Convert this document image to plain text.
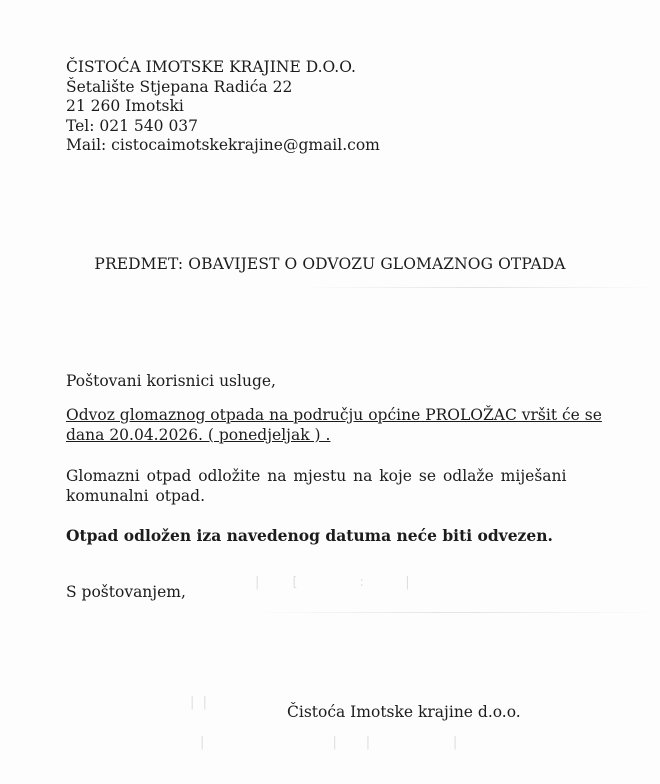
ČISTOĆA IMOTSKE KRAJINE D.O.O.
Šetalište Stjepana Radića 22
21 260 Imotski
Tel: 021 540 037
Mail: cistocaimotskekrajine@gmail.com
PREDMET: OBAVIJEST O ODVOZU GLOMAZNOG OTPADA
Poštovani korisnici usluge,
Odvoz glomaznog otpada na području općine PROLOŽAC vršit će se dana 20.04.2026. ( ponedjeljak ) .
Glomazni otpad odložite na mjestu na koje se odlaže miješani komunalni otpad.
Otpad odložen iza navedenog datuma neće biti odvezen.
S poštovanjem,
|        [               :          |
|  |
|                               |       |                    |
Čistoća Imotske krajine d.o.o.
